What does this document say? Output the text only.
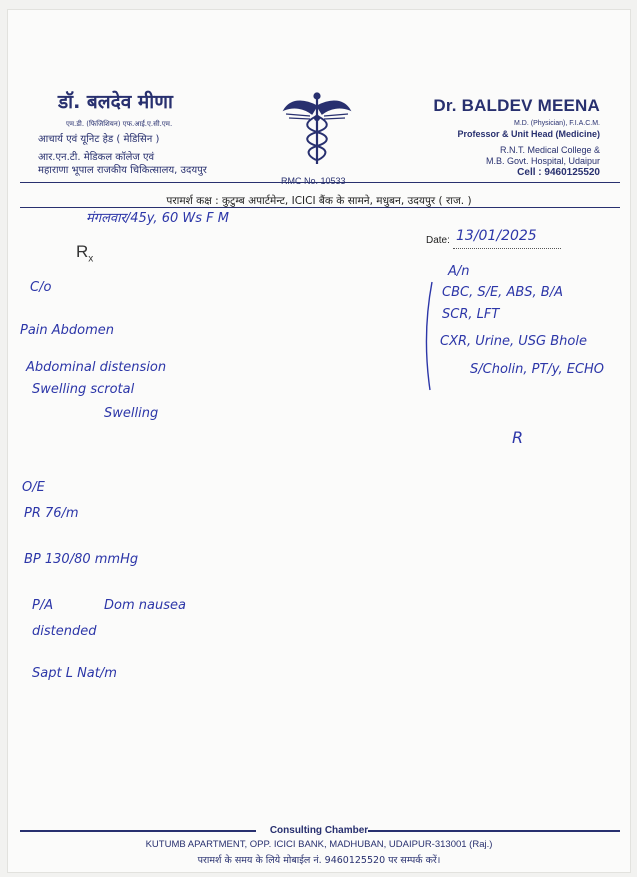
डॉ. बलदेव मीणा
एम.डी. (फिजिशियन) एफ.आई.ए.सी.एम.
आचार्य एवं यूनिट हेड ( मेडिसिन )
आर.एन.टी. मेडिकल कॉलेज एवं
महाराणा भूपाल राजकीय चिकित्सालय, उदयपुर
RMC No. 10533
Dr. BALDEV MEENA
M.D. (Physician), F.I.A.C.M.
Professor & Unit Head (Medicine)
R.N.T. Medical College &
M.B. Govt. Hospital, Udaipur
Cell : 9460125520
परामर्श कक्ष : कुटुम्ब अपार्टमेन्ट, ICICI बैंक के सामने, मधुबन, उदयपुर ( राज. )
मंगलवार/45y, 60 Ws F M
$R_x$
Date: 13/01/2025
C/o
Pain Abdomen
Abdominal distension
Swelling scrotal
Swelling
A/n
CBC, S/E, ABS, B/A
SCR, LFT
CXR, Urine, USG Bhole
S/Cholin, PT/y, ECHO
R
O/E
PR 76/m
BP 130/80 mmHg
P/A	Dom nausea
distended
Sapt L Nat/m
Consulting Chamber
KUTUMB APARTMENT, OPP. ICICI BANK, MADHUBAN, UDAIPUR-313001 (Raj.)
परामर्श के समय के लिये मोबाईल नं. 9460125520 पर सम्पर्क करें।
